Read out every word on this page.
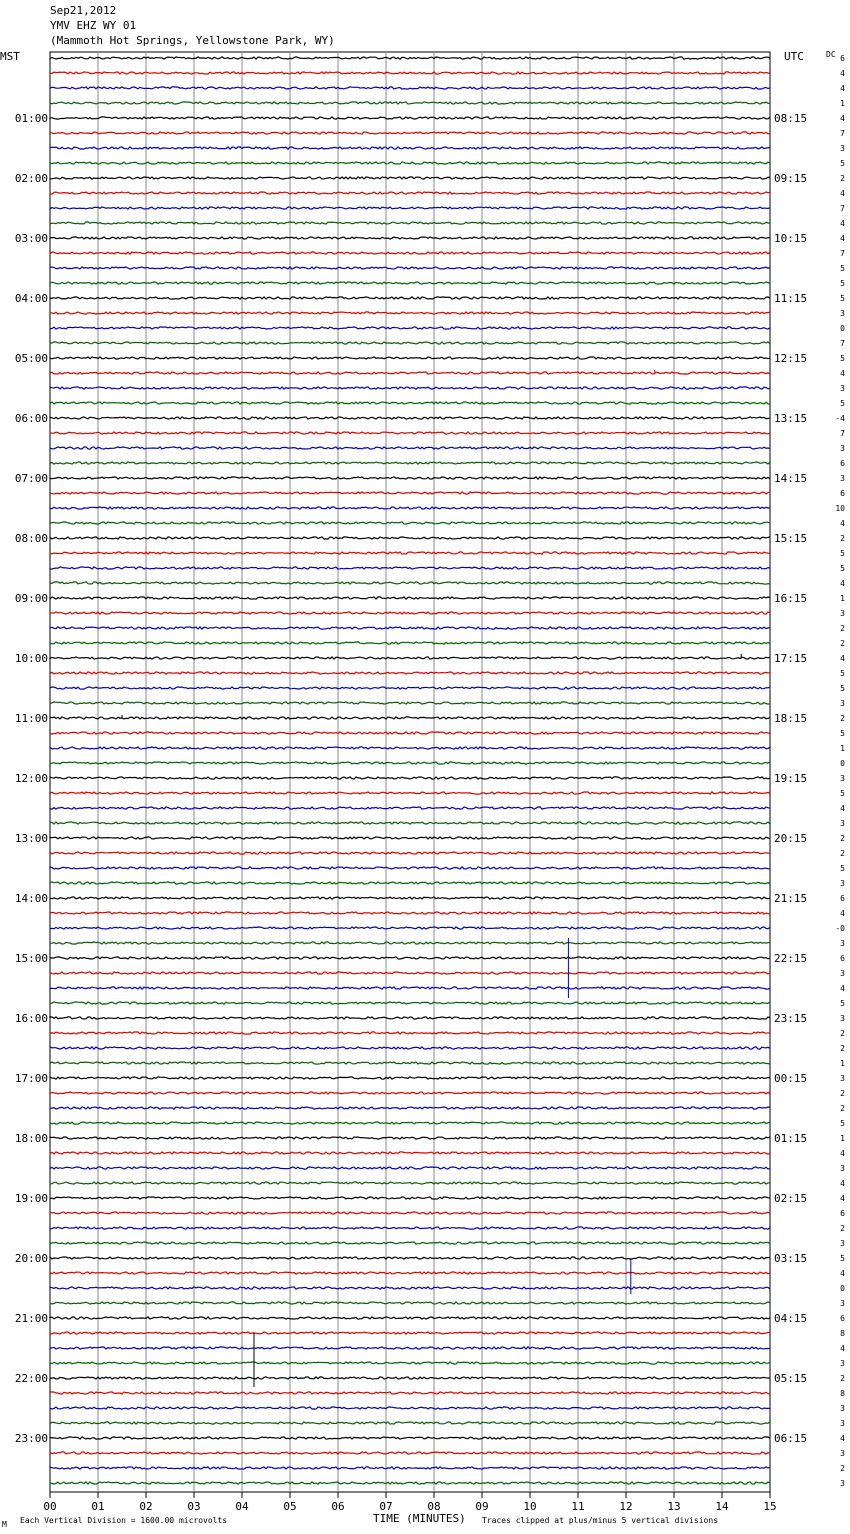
Sep21,2012
YMV EHZ WY 01
(Mammoth Hot Springs, Yellowstone Park, WY)
MST	UTC	DC
00	01	02	03	04	05	06	07	08	09	10	11	12	13	14	15
6
4
4
1
4
01:00	08:15
7
3
5
2
02:00	09:15
4
7
4
4
03:00	10:15
7
5
5
5
04:00	11:15
3
0
7
5
05:00	12:15
4
3
5
-4
06:00	13:15
7
3
6
3
07:00	14:15
6
10
4
2
08:00	15:15
5
5
4
1
09:00	16:15
3
2
2
4
10:00	17:15
5
5
3
2
11:00	18:15
5
1
0
3
12:00	19:15
5
4
3
2
13:00	20:15
2
5
3
6
14:00	21:15
4
-0
3
6
15:00	22:15
3
4
5
3
16:00	23:15
2
2
1
3
17:00	00:15
2
2
5
1
18:00	01:15
4
3
4
4
19:00	02:15
6
2
3
5
20:00	03:15
4
0
3
6
21:00	04:15
8
4
3
2
22:00	05:15
8
3
3
4
23:00	06:15
3
2
3
TIME (MINUTES)
Each Vertical Division = 1600.00 microvolts	Traces clipped at plus/minus 5 vertical divisions
M
